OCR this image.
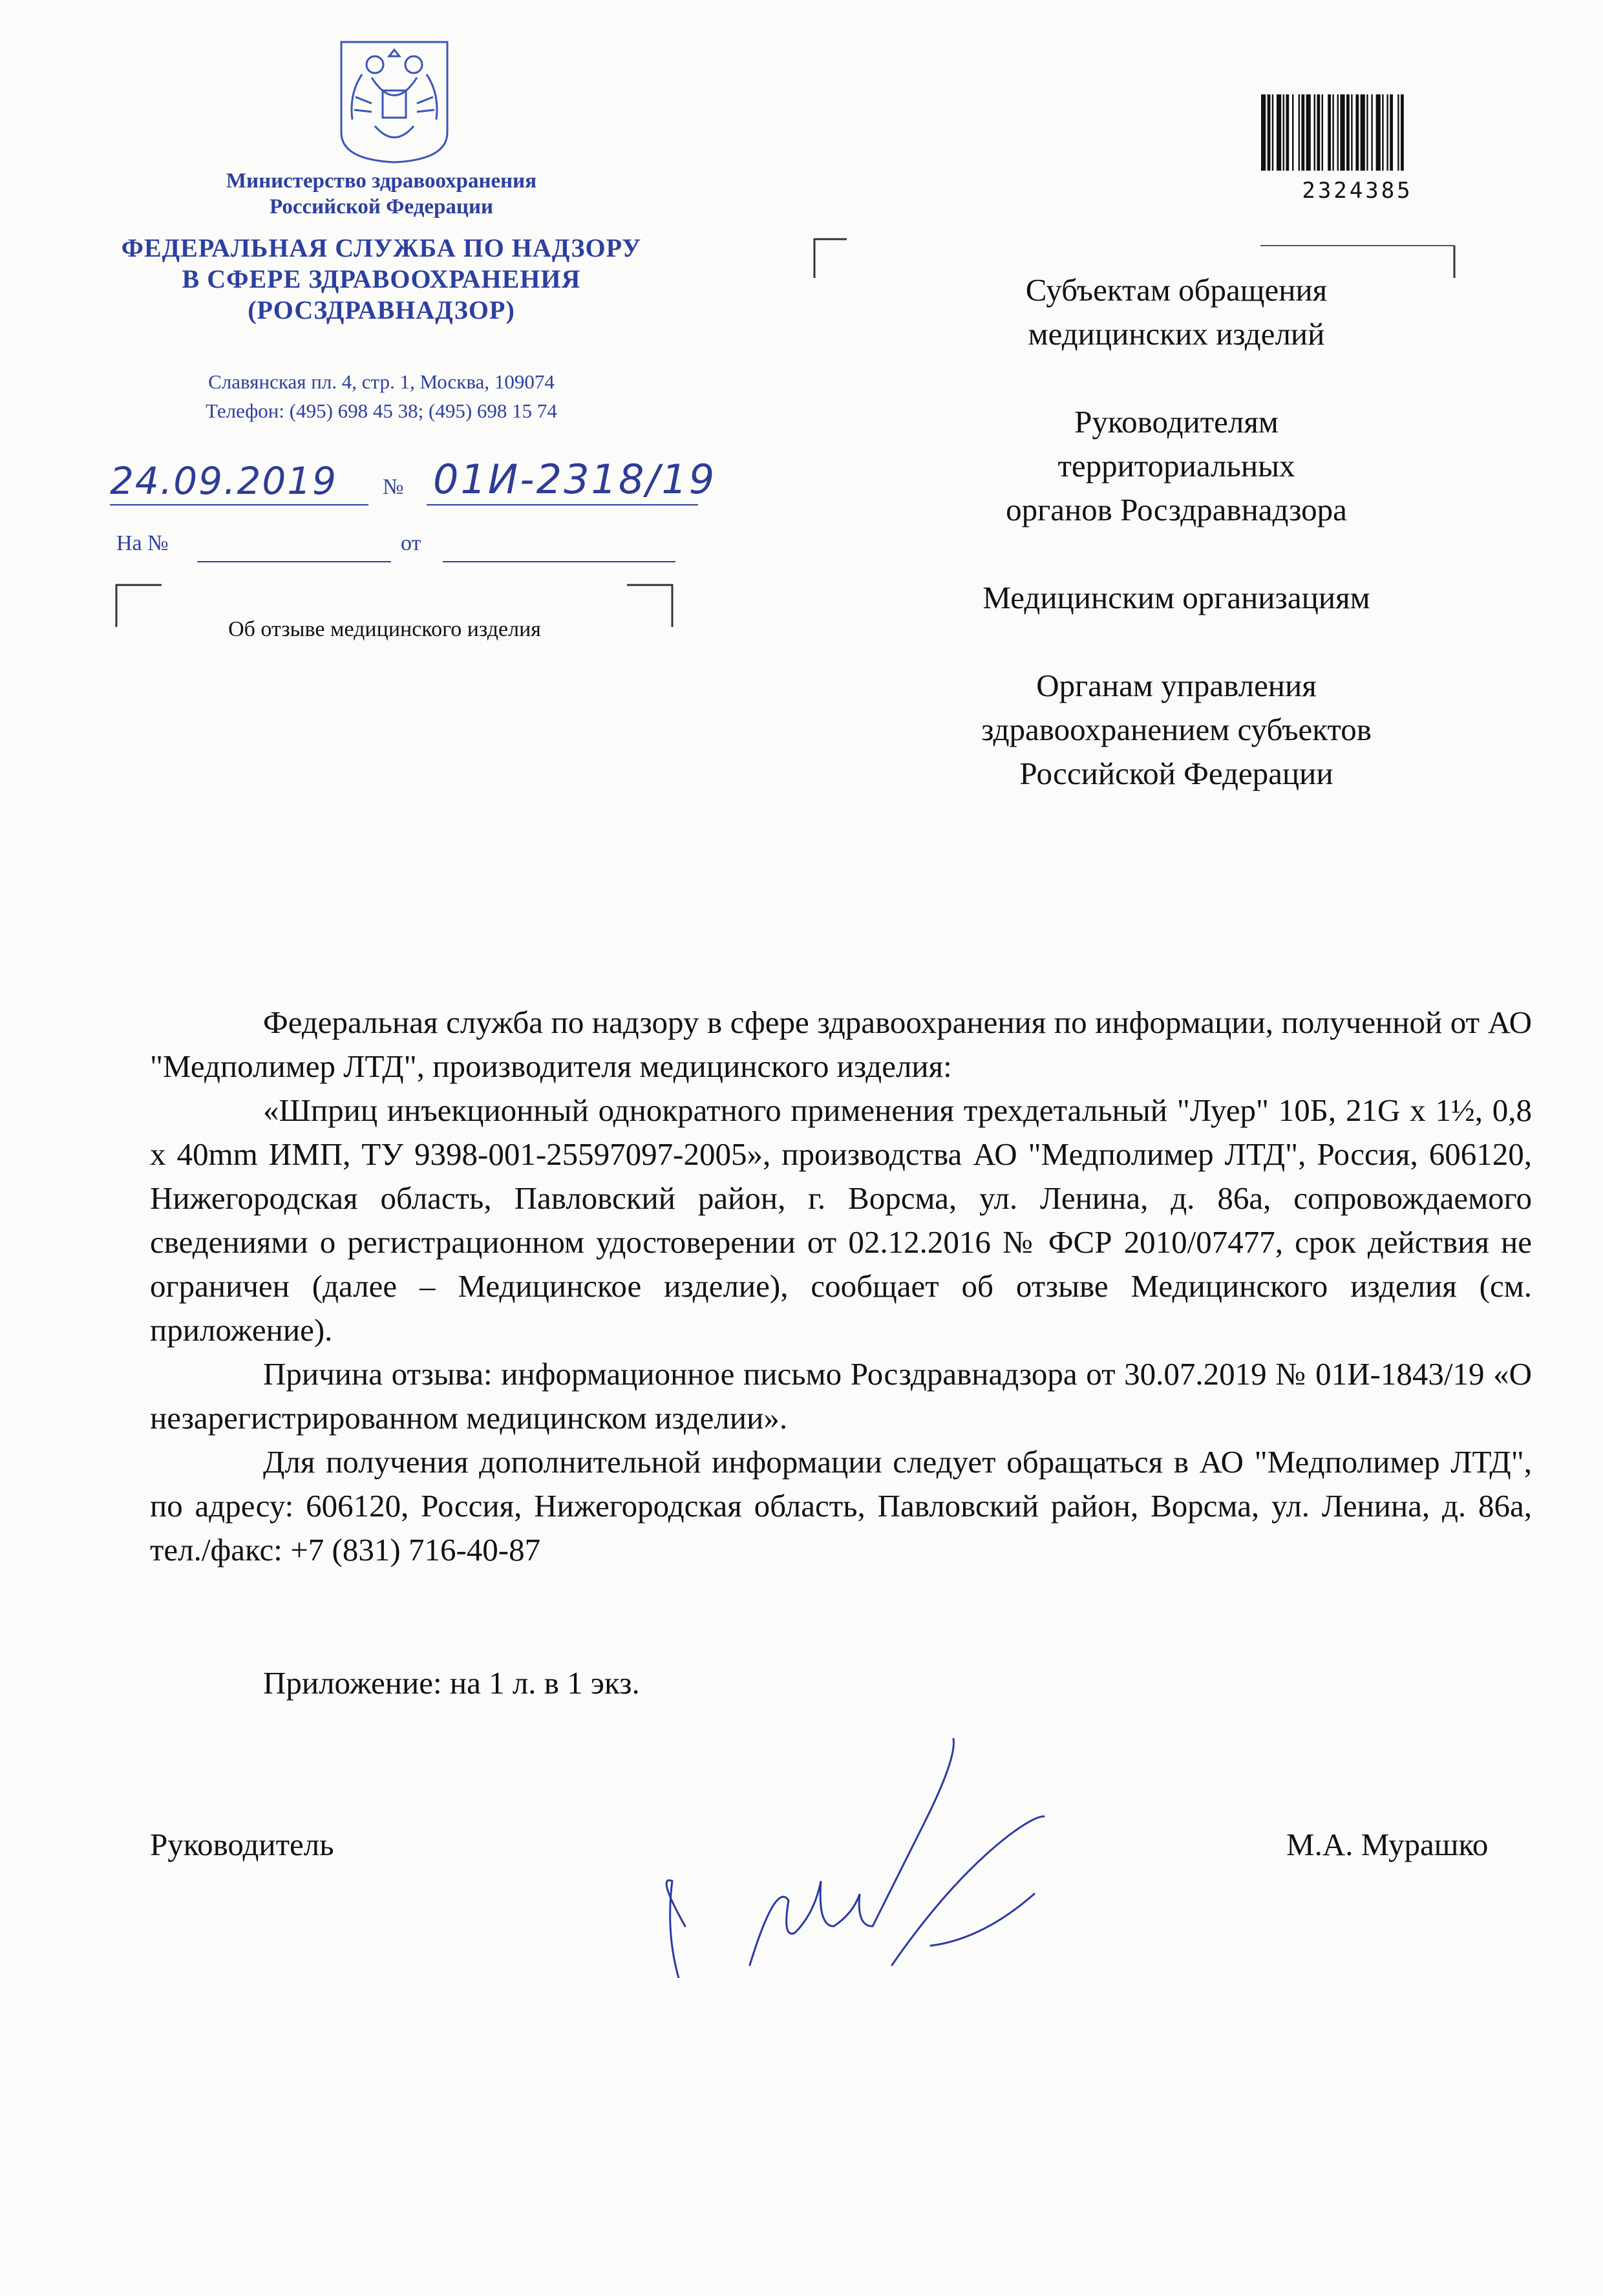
Министерство здравоохранения
Российской Федерации
ФЕДЕРАЛЬНАЯ СЛУЖБА ПО НАДЗОРУ
В СФЕРЕ ЗДРАВООХРАНЕНИЯ
(РОСЗДРАВНАДЗОР)
Славянская пл. 4, стр. 1, Москва, 109074
Телефон: (495) 698 45 38; (495) 698 15 74
24.09.2019 № 01И-2318/19
На №	от
Об отзыве медицинского изделия
2324385
Субъектам обращения
медицинских изделий
Руководителям
территориальных
органов Росздравнадзора
Медицинским организациям
Органам управления
здравоохранением субъектов
Российской Федерации

Федеральная служба по надзору в сфере здравоохранения по информации, полученной от АО "Медполимер ЛТД", производителя медицинского изделия:

«Шприц инъекционный однократного применения трехдетальный "Луер" 10Б, 21G x 1½, 0,8 x 40mm ИМП, ТУ 9398-001-25597097-2005», производства АО "Медполимер ЛТД", Россия, 606120, Нижегородская область, Павловский район, г. Ворсма, ул. Ленина, д. 86а, сопровождаемого сведениями о регистрационном удостоверении от 02.12.2016 № ФСР 2010/07477, срок действия не ограничен (далее – Медицинское изделие), сообщает об отзыве Медицинского изделия (см. приложение).

Причина отзыва: информационное письмо Росздравнадзора от 30.07.2019 № 01И-1843/19 «О незарегистрированном медицинском изделии».

Для получения дополнительной информации следует обращаться в АО "Медполимер ЛТД", по адресу: 606120, Россия, Нижегородская область, Павловский район, Ворсма, ул. Ленина, д. 86а, тел./факс: +7 (831) 716-40-87

Приложение: на 1 л. в 1 экз.
Руководитель	М.А. Мурашко
